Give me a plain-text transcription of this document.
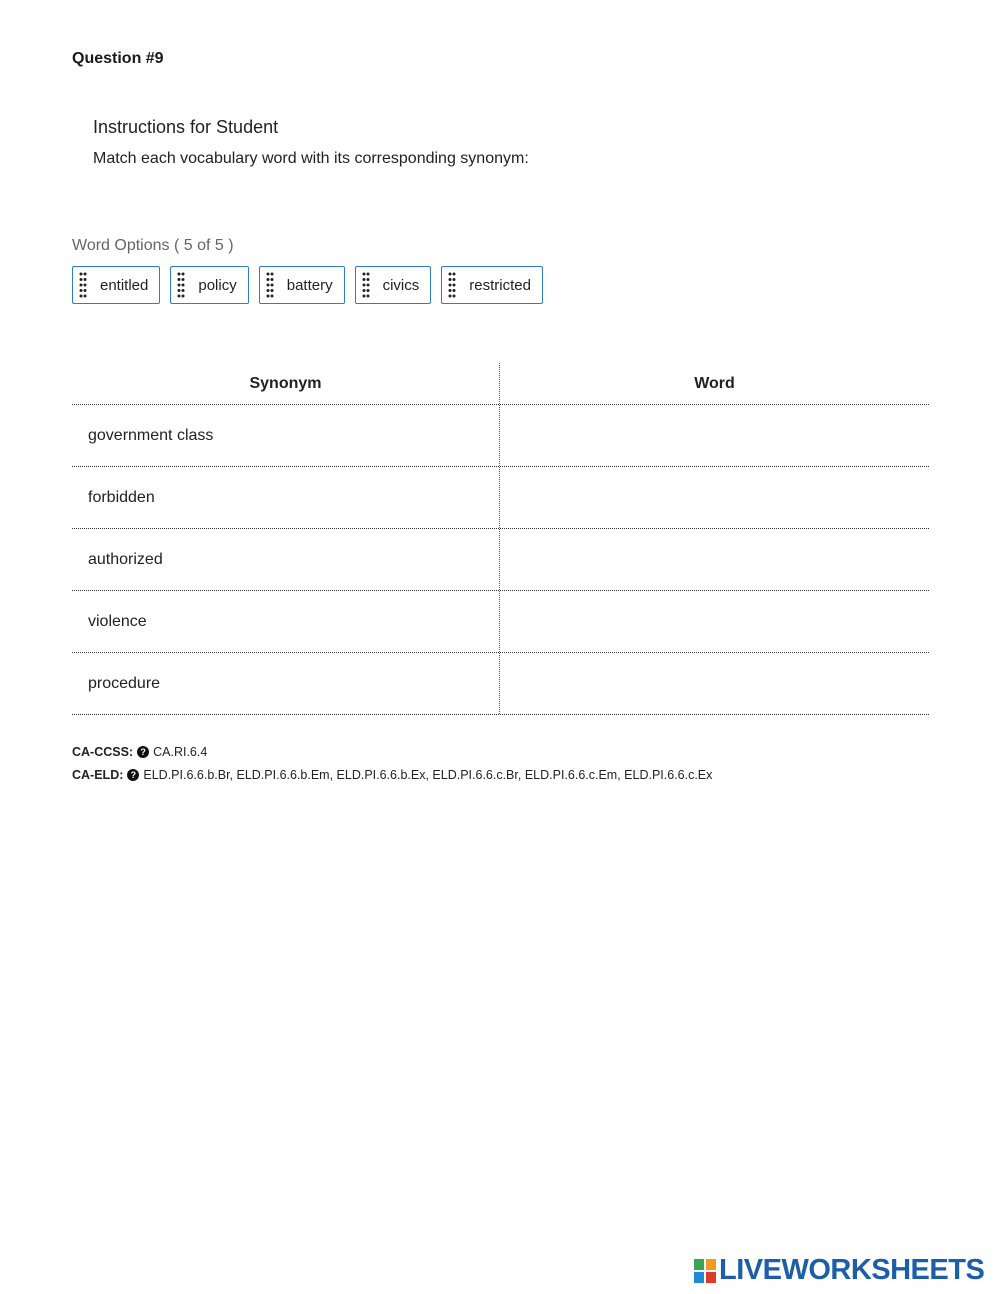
Question #9
Instructions for Student
Match each vocabulary word with its corresponding synonym:
Word Options ( 5 of 5 )
entitled	policy	battery	civics	restricted
Synonym	Word
government class
forbidden
authorized
violence
procedure
CA-CCSS: ? CA.RI.6.4
CA-ELD: ? ELD.PI.6.6.b.Br, ELD.PI.6.6.b.Em, ELD.PI.6.6.b.Ex, ELD.PI.6.6.c.Br, ELD.PI.6.6.c.Em, ELD.PI.6.6.c.Ex
LIVEWORKSHEETS
